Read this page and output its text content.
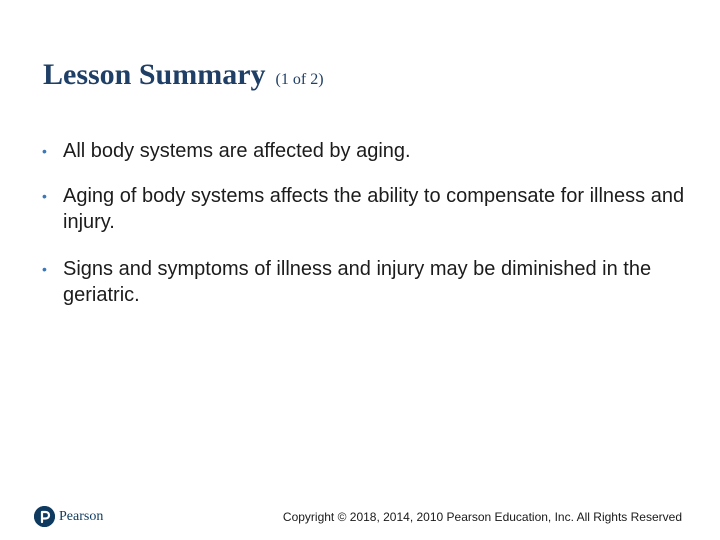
Lesson Summary (1 of 2)
• All body systems are affected by aging.
• Aging of body systems affects the ability to compensate for illness and injury.
• Signs and symptoms of illness and injury may be diminished in the geriatric.
Pearson	Copyright © 2018, 2014, 2010 Pearson Education, Inc. All Rights Reserved
